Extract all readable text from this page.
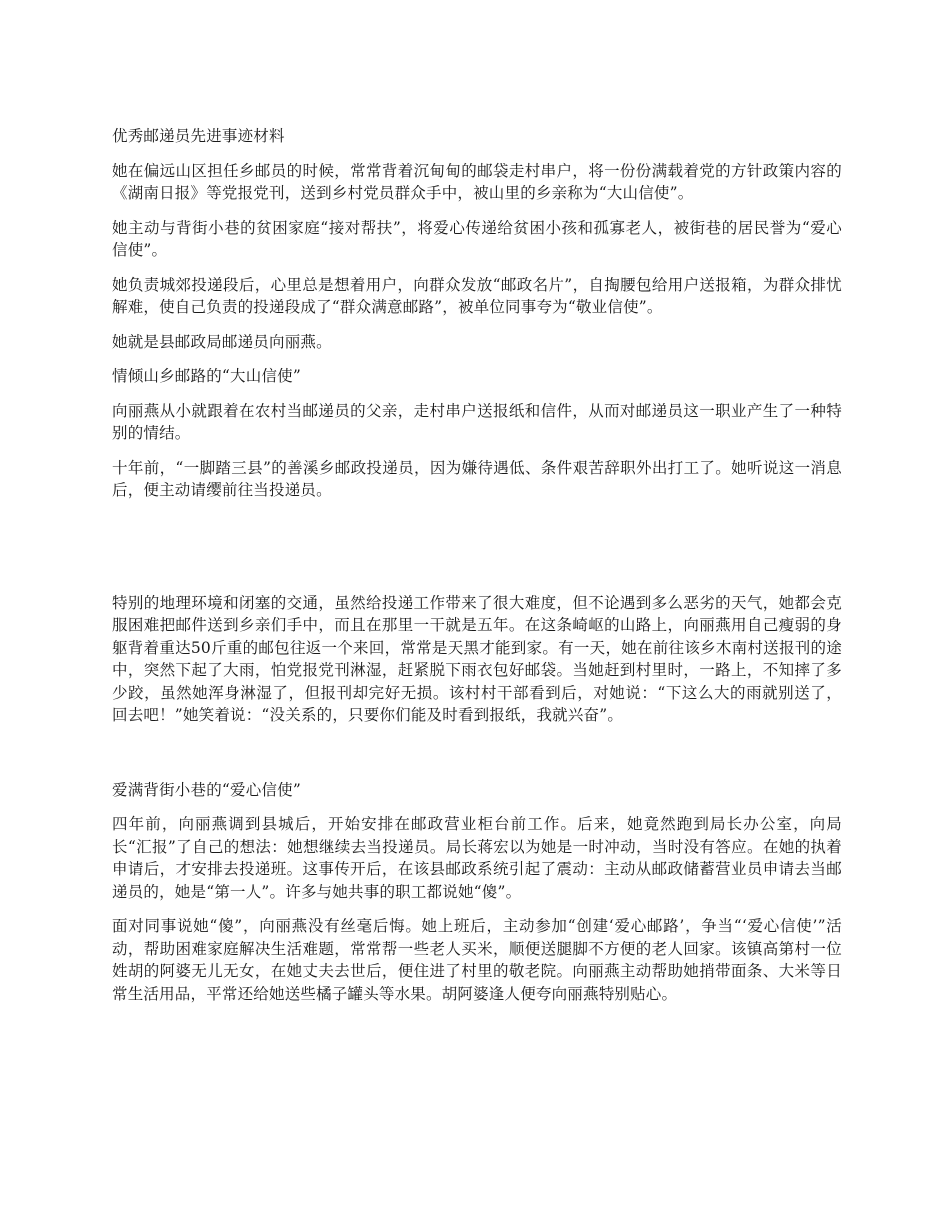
优秀邮递员先进事迹材料

她在偏远山区担任乡邮员的时候，常常背着沉甸甸的邮袋走村串户，将一份份满载着党的方针政策内容的《湖南日报》等党报党刊，送到乡村党员群众手中，被山里的乡亲称为“大山信使”。

她主动与背街小巷的贫困家庭“接对帮扶”，将爱心传递给贫困小孩和孤寡老人，被街巷的居民誉为“爱心信使”。

她负责城郊投递段后，心里总是想着用户，向群众发放“邮政名片”，自掏腰包给用户送报箱，为群众排忧解难，使自己负责的投递段成了“群众满意邮路”，被单位同事夸为“敬业信使”。

她就是县邮政局邮递员向丽燕。

情倾山乡邮路的“大山信使”

向丽燕从小就跟着在农村当邮递员的父亲，走村串户送报纸和信件，从而对邮递员这一职业产生了一种特别的情结。

十年前，“一脚踏三县”的善溪乡邮政投递员，因为嫌待遇低、条件艰苦辞职外出打工了。她听说这一消息后，便主动请缨前往当投递员。

特别的地理环境和闭塞的交通，虽然给投递工作带来了很大难度，但不论遇到多么恶劣的天气，她都会克服困难把邮件送到乡亲们手中，而且在那里一干就是五年。在这条崎岖的山路上，向丽燕用自己瘦弱的身躯背着重达50斤重的邮包往返一个来回，常常是天黑才能到家。有一天，她在前往该乡木南村送报刊的途中，突然下起了大雨，怕党报党刊淋湿，赶紧脱下雨衣包好邮袋。当她赶到村里时，一路上，不知摔了多少跤，虽然她浑身淋湿了，但报刊却完好无损。该村村干部看到后，对她说：“下这么大的雨就别送了，回去吧！”她笑着说：“没关系的，只要你们能及时看到报纸，我就兴奋”。

爱满背街小巷的“爱心信使”

四年前，向丽燕调到县城后，开始安排在邮政营业柜台前工作。后来，她竟然跑到局长办公室，向局长“汇报”了自己的想法：她想继续去当投递员。局长蒋宏以为她是一时冲动，当时没有答应。在她的执着申请后，才安排去投递班。这事传开后，在该县邮政系统引起了震动：主动从邮政储蓄营业员申请去当邮递员的，她是“第一人”。许多与她共事的职工都说她“傻”。

面对同事说她“傻”，向丽燕没有丝毫后悔。她上班后，主动参加“创建‘爱心邮路’，争当“‘爱心信使’”活动，帮助困难家庭解决生活难题，常常帮一些老人买米，顺便送腿脚不方便的老人回家。该镇高第村一位姓胡的阿婆无儿无女，在她丈夫去世后，便住进了村里的敬老院。向丽燕主动帮助她捎带面条、大米等日常生活用品，平常还给她送些橘子罐头等水果。胡阿婆逢人便夸向丽燕特别贴心。
